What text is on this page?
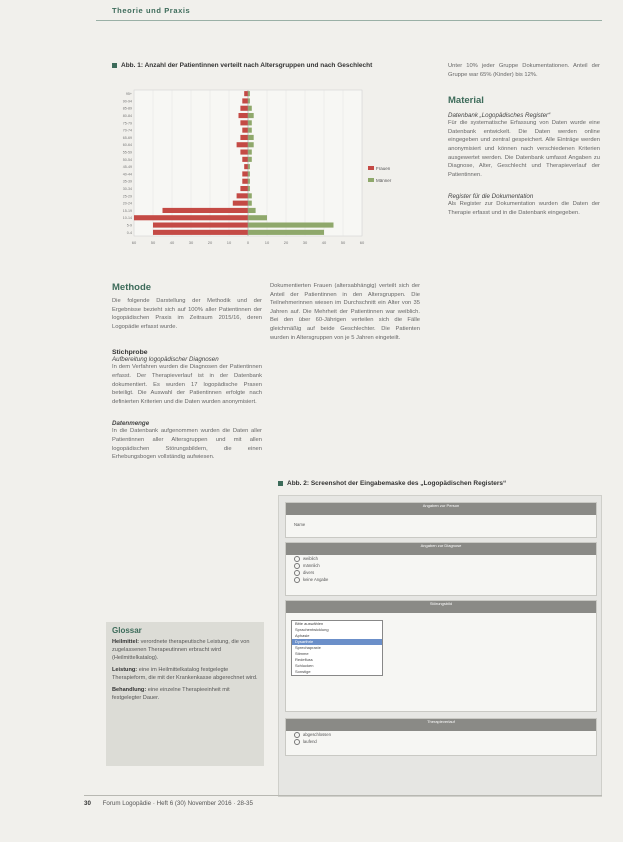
Theorie und Praxis
Abb. 1: Anzahl der Patientinnen verteilt nach Altersgruppen und nach Geschlecht
60	50	40	30	20	10	0	10	20	30	40	50	60
0-4
5-9
10-14
15-19
20-24
25-29
30-34
35-39
40-44
45-49
50-54
55-59
60-64
65-69
70-74
75-79
80-84
85-89
90-94
95+
Frauen
Männer
Methode
Die folgende Darstellung der Methodik und der Ergebnisse bezieht sich auf 100% aller Patientinnen der logopädischen Praxis im Zeitraum 2015/16, deren Logopädie erfasst wurde.
Stichprobe
Aufbereitung logopädischer Diagnosen
In dem Verfahren wurden die Diagnosen der Patientinnen erfasst. Der Therapieverlauf ist in der Datenbank dokumentiert. Es wurden 17 logopädische Praxen beteiligt. Die Auswahl der Patientinnen erfolgte nach definierten Kriterien und die Daten wurden anonymisiert.
Datenmenge
In die Datenbank aufgenommen wurden die Daten aller Patientinnen aller Altersgruppen und mit allen logopädischen Störungsbildern, die einen Erhebungsbogen vollständig aufwiesen.
Dokumentierten Frauen (altersabhängig) verteilt sich der Anteil der Patientinnen in den Altersgruppen. Die Teilnehmerinnen wiesen im Durchschnitt ein Alter von 35 Jahren auf. Die Mehrheit der Patientinnen war weiblich. Bei den über 60-Jährigen verteilen sich die Fälle gleichmäßig auf beide Geschlechter. Die Patienten wurden in Altersgruppen von je 5 Jahren eingeteilt.
Unter 10% jeder Gruppe Dokumentationen. Anteil der Gruppe war 65% (Kinder) bis 12%.
Material
Datenbank „Logopädisches Register“
Für die systematische Erfassung von Daten wurde eine Datenbank entwickelt. Die Daten werden online eingegeben und zentral gespeichert. Alle Einträge werden anonymisiert und können nach verschiedenen Kriterien ausgewertet werden. Die Datenbank umfasst Angaben zu Diagnose, Alter, Geschlecht und Therapieverlauf der Patientinnen.
Register für die Dokumentation
Als Register zur Dokumentation wurden die Daten der Therapie erfasst und in die Datenbank eingegeben.
Abb. 2: Screenshot der Eingabemaske des „Logopädischen Registers“
Angaben zur Person
Name
Angaben zur Diagnose
weiblich
männlich
divers
keine Angabe
Störungsbild
Bitte auswählen
Sprachentwicklung
Aphasie
Dysarthrie
Sprechapraxie
Stimme
Redefluss
Schlucken
Sonstige
Therapieverlauf
abgeschlossen
laufend
Glossar

Heilmittel: verordnete therapeutische Leistung, die von zugelassenen Therapeutinnen erbracht wird (Heilmittelkatalog).

Leistung: eine im Heilmittelkatalog festgelegte Therapieform, die mit der Krankenkasse abgerechnet wird.

Behandlung: eine einzelne Therapieeinheit mit festgelegter Dauer.

30 Forum Logopädie · Heft 6 (30) November 2016 · 28-35
